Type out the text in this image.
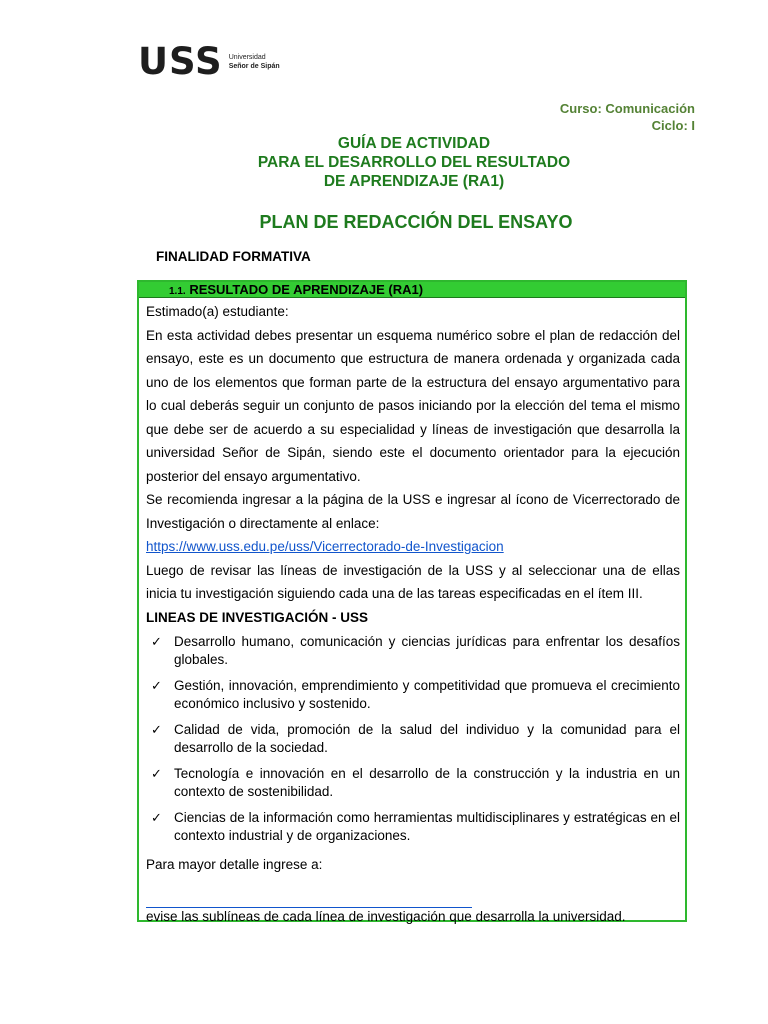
USS Universidad
Señor de Sipán
Curso: Comunicación
Ciclo: I
GUÍA DE ACTIVIDAD
PARA EL DESARROLLO DEL RESULTADO
DE APRENDIZAJE (RA1)
PLAN DE REDACCIÓN DEL ENSAYO
FINALIDAD FORMATIVA
1.1. RESULTADO DE APRENDIZAJE (RA1)

Estimado(a) estudiante:

En esta actividad debes presentar un esquema numérico sobre el plan de redacción del ensayo, este es un documento que estructura de manera ordenada y organizada cada uno de los elementos que forman parte de la estructura del ensayo argumentativo para lo cual deberás seguir un conjunto de pasos iniciando por la elección del tema el mismo que debe ser de acuerdo a su especialidad y líneas de investigación que desarrolla la universidad Señor de Sipán, siendo este el documento orientador para la ejecución posterior del ensayo argumentativo.

Se recomienda ingresar a la página de la USS e ingresar al ícono de Vicerrectorado de Investigación o directamente al enlace:

https://www.uss.edu.pe/uss/Vicerrectorado-de-Investigacion

Luego de revisar las líneas de investigación de la USS y al seleccionar una de ellas inicia tu investigación siguiendo cada una de las tareas especificadas en el ítem III.

LINEAS DE INVESTIGACIÓN - USS

✓ Desarrollo humano, comunicación y ciencias jurídicas para enfrentar los desafíos globales.
✓ Gestión, innovación, emprendimiento y competitividad que promueva el crecimiento económico inclusivo y sostenido.
✓ Calidad de vida, promoción de la salud del individuo y la comunidad para el desarrollo de la sociedad.
✓ Tecnología e innovación en el desarrollo de la construcción y la industria en un contexto de sostenibilidad.
✓ Ciencias de la información como herramientas multidisciplinares y estratégicas en el contexto industrial y de organizaciones.

Para mayor detalle ingrese a:

evise las sublíneas de cada línea de investigación que desarrolla la universidad.
